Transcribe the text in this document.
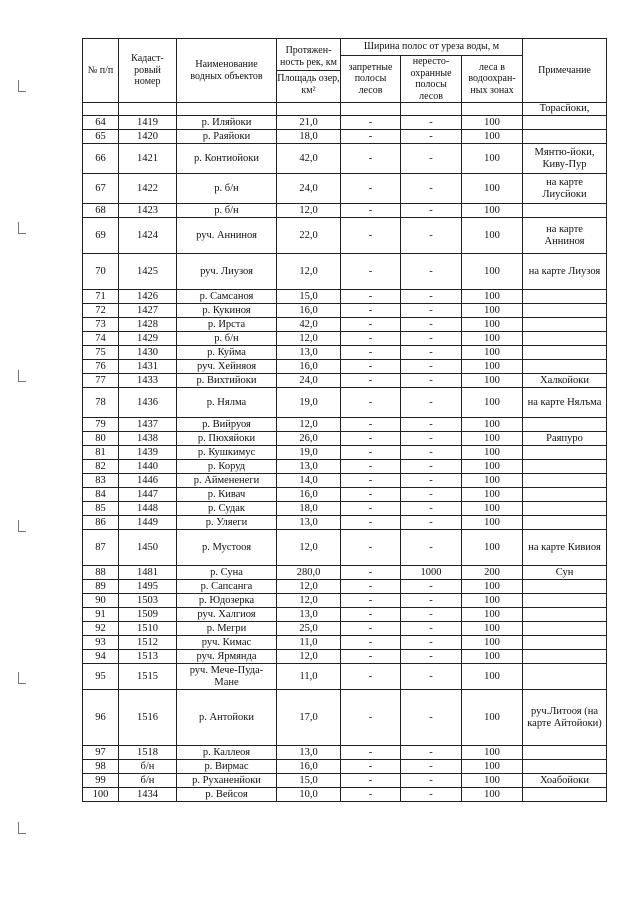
№ п/п	Кадаст-ровый номер	Наименование водных объектов	Протяжен-ность рек, км
Площадь озер, км²	Ширина полос от уреза воды, м			Примечание
				запретные полосы лесов	нересто-охранные полосы лесов	леса в водоохран-ных зонах	
							Торасйоки,
64	1419	р. Иляйоки	21,0	-	-	100	
65	1420	р. Раяйоки	18,0	-	-	100	
66	1421	р. Контиойоки	42,0	-	-	100	Мянтю-йоки, Киву-Пур
67	1422	р. б/н	24,0	-	-	100	на карте Лиусйоки
68	1423	р. б/н	12,0	-	-	100	
69	1424	руч. Анниноя	22,0	-	-	100	на карте Анниноя
70	1425	руч. Лиузоя	12,0	-	-	100	на карте Лиузоя
71	1426	р. Самсаноя	15,0	-	-	100	
72	1427	р. Кукиноя	16,0	-	-	100	
73	1428	р. Ирста	42,0	-	-	100	
74	1429	р. б/н	12,0	-	-	100	
75	1430	р. Куйма	13,0	-	-	100	
76	1431	руч. Хейняоя	16,0	-	-	100	
77	1433	р. Вихтийоки	24,0	-	-	100	Халкойоки
78	1436	р. Нялма	19,0	-	-	100	на карте Нялъма
79	1437	р. Вийруоя	12,0	-	-	100	
80	1438	р. Пюхяйоки	26,0	-	-	100	Раяпуро
81	1439	р. Кушкимус	19,0	-	-	100	
82	1440	р. Коруд	13,0	-	-	100	
83	1446	р. Аймененеги	14,0	-	-	100	
84	1447	р. Кивач	16,0	-	-	100	
85	1448	р. Судак	18,0	-	-	100	
86	1449	р. Уляеги	13,0	-	-	100	
87	1450	р. Мустооя	12,0	-	-	100	на карте Кивиоя
88	1481	р. Суна	280,0	-	1000	200	Сун
89	1495	р. Сапсанга	12,0	-	-	100	
90	1503	р. Юдозерка	12,0	-	-	100	
91	1509	руч. Халгиоя	13,0	-	-	100	
92	1510	р. Мегри	25,0	-	-	100	
93	1512	руч. Кимас	11,0	-	-	100	
94	1513	руч. Ярмянда	12,0	-	-	100	
95	1515	руч. Мече-Пуда-Мане	11,0	-	-	100	
96	1516	р. Антойоки	17,0	-	-	100	руч.Литооя (на карте Айтойоки)
97	1518	р. Каллеоя	13,0	-	-	100	
98	б/н	р. Вирмас	16,0	-	-	100	
99	б/н	р. Руханенйоки	15,0	-	-	100	Хоабойоки
100	1434	р. Вейсоя	10,0	-	-	100	
